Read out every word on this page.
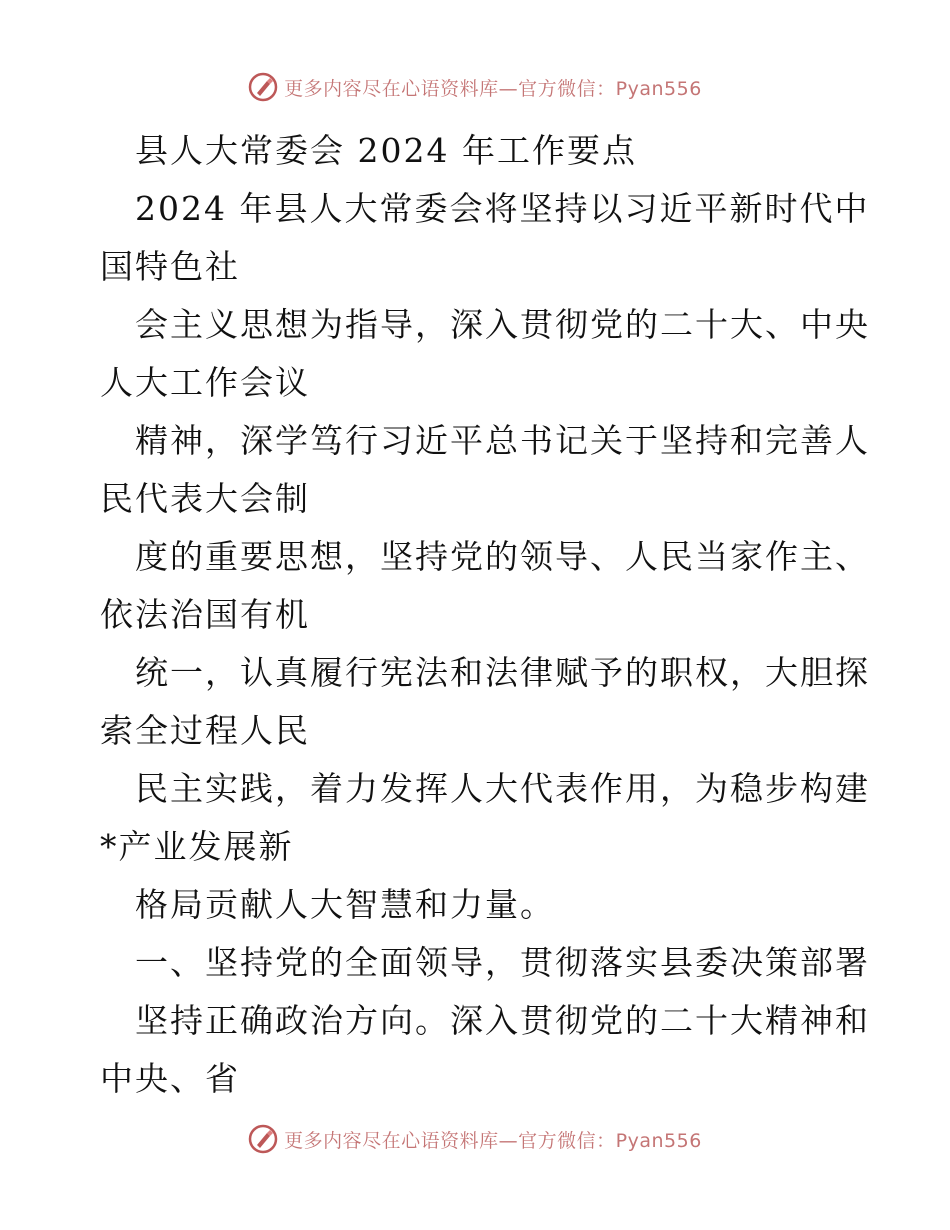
更多内容尽在心语资料库—官方微信：Pyan556
县人大常委会 2024 年工作要点
2024 年县人大常委会将坚持以习近平新时代中
国特色社
会主义思想为指导，深入贯彻党的二十大、中央
人大工作会议
精神，深学笃行习近平总书记关于坚持和完善人
民代表大会制
度的重要思想，坚持党的领导、人民当家作主、
依法治国有机
统一，认真履行宪法和法律赋予的职权，大胆探
索全过程人民
民主实践，着力发挥人大代表作用，为稳步构建
*产业发展新
格局贡献人大智慧和力量。
一、坚持党的全面领导，贯彻落实县委决策部署
坚持正确政治方向。深入贯彻党的二十大精神和
中央、省
更多内容尽在心语资料库—官方微信：Pyan556
